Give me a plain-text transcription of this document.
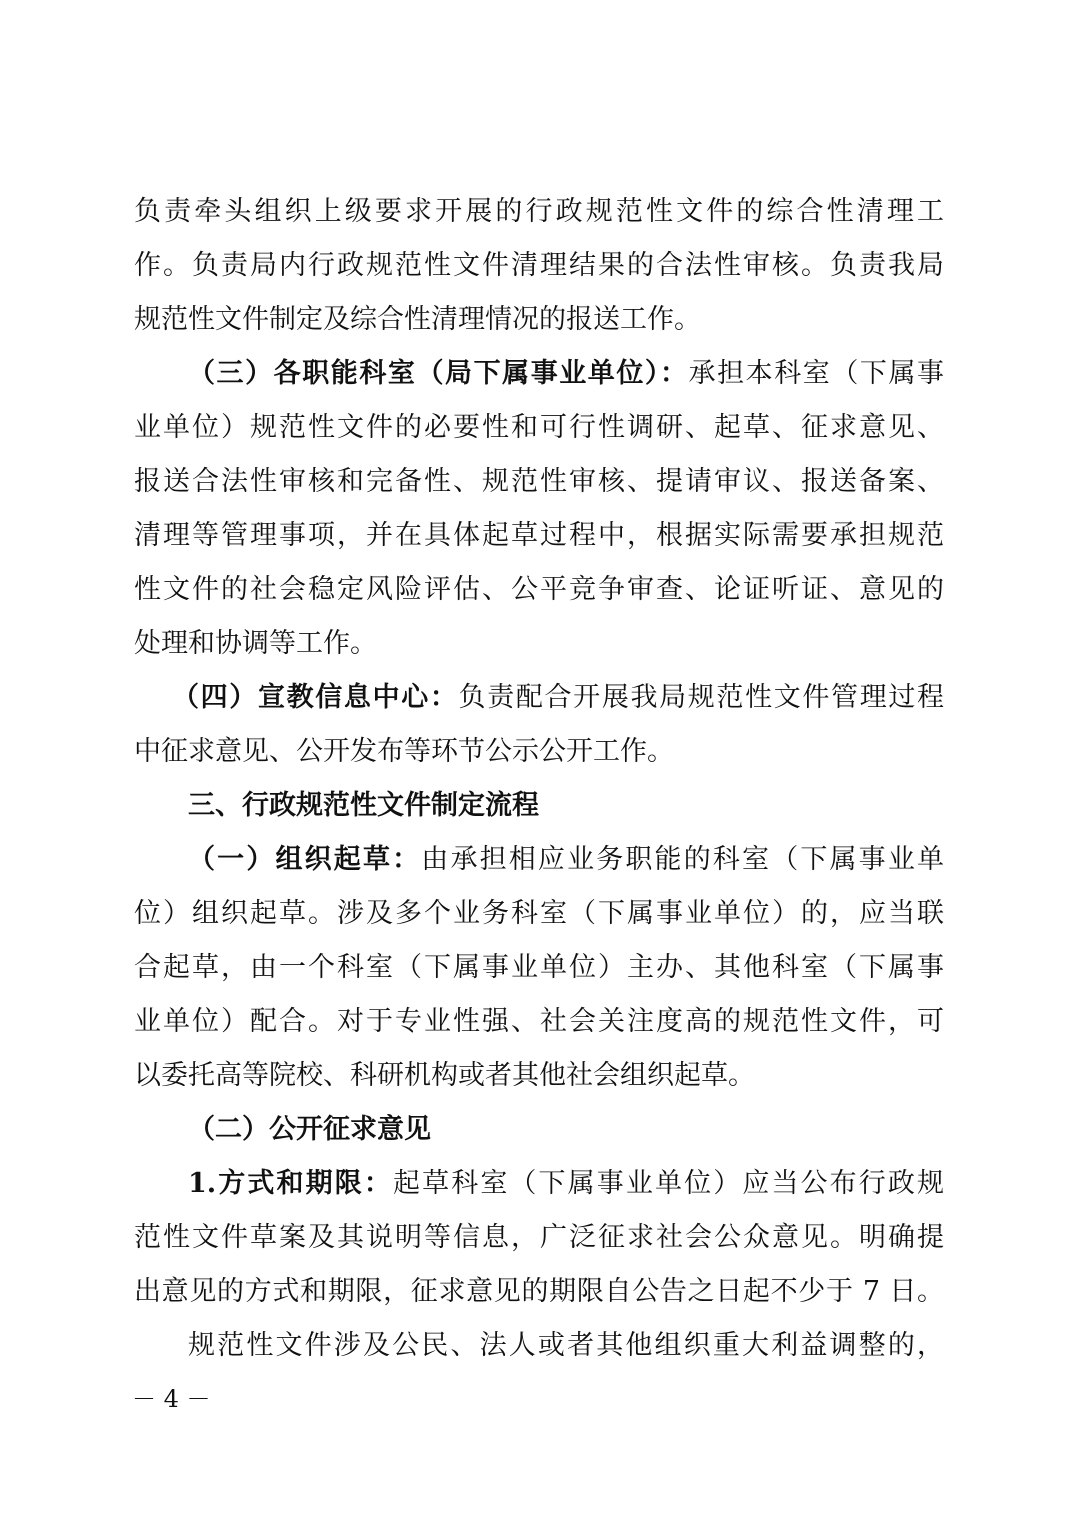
负责牵头组织上级要求开展的行政规范性文件的综合性清理工
作。负责局内行政规范性文件清理结果的合法性审核。负责我局
规范性文件制定及综合性清理情况的报送工作。
（三）各职能科室（局下属事业单位）：承担本科室（下属事
业单位）规范性文件的必要性和可行性调研、起草、征求意见、
报送合法性审核和完备性、规范性审核、提请审议、报送备案、
清理等管理事项，并在具体起草过程中，根据实际需要承担规范
性文件的社会稳定风险评估、公平竞争审查、论证听证、意见的
处理和协调等工作。
（四）宣教信息中心：负责配合开展我局规范性文件管理过程
中征求意见、公开发布等环节公示公开工作。
三、行政规范性文件制定流程
（一）组织起草：由承担相应业务职能的科室（下属事业单
位）组织起草。涉及多个业务科室（下属事业单位）的，应当联
合起草，由一个科室（下属事业单位）主办、其他科室（下属事
业单位）配合。对于专业性强、社会关注度高的规范性文件，可
以委托高等院校、科研机构或者其他社会组织起草。
（二）公开征求意见
1.方式和期限：起草科室（下属事业单位）应当公布行政规
范性文件草案及其说明等信息，广泛征求社会公众意见。明确提
出意见的方式和期限，征求意见的期限自公告之日起不少于 7 日。
规范性文件涉及公民、法人或者其他组织重大利益调整的，
－ 4 －
